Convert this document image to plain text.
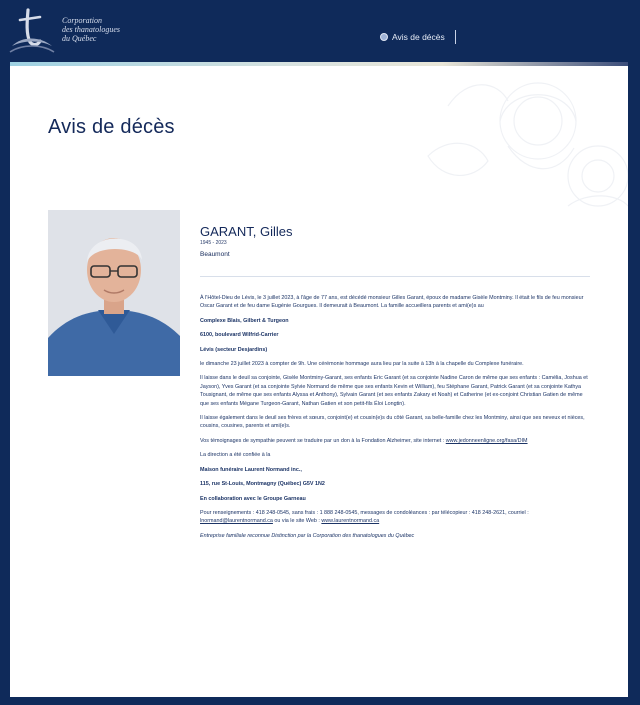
Corporation
des thanatologues
du Québec	Avis de décès
Avis de décès
GARANT, Gilles
1945 - 2023
Beaumont

À l'Hôtel-Dieu de Lévis, le 3 juillet 2023, à l'âge de 77 ans, est décédé monsieur Gilles Garant, époux de madame Gisèle Montminy. Il était le fils de feu monsieur Oscar Garant et de feu dame Eugénie Gourgues. Il demeurait à Beaumont. La famille accueillera parents et ami(e)s au

Complexe Blais, Gilbert & Turgeon

6100, boulevard Wilfrid-Carrier

Lévis (secteur Desjardins)

le dimanche 23 juillet 2023 à compter de 9h. Une cérémonie hommage aura lieu par la suite à 13h à la chapelle du Complexe funéraire.

Il laisse dans le deuil sa conjointe, Gisèle Montminy-Garant, ses enfants Eric Garant (et sa conjointe Nadine Caron de même que ses enfants : Camélia, Joshua et Jayson), Yves Garant (et sa conjointe Sylvie Normand de même que ses enfants Kevin et William), feu Stéphane Garant, Patrick Garant (et sa conjointe Kathya Tousignant, de même que ses enfants Alyssa et Anthony), Sylvain Garant (et ses enfants Zakary et Noah) et Catherine (et ex-conjoint Christian Gatien de même que ses enfants Mégane Turgeon-Garant, Nathan Gatien et son petit-fils Éloi Longtin).

Il laisse également dans le deuil ses frères et sœurs, conjoint(e) et cousin(e)s du côté Garant, sa belle-famille chez les Montminy, ainsi que ses neveux et nièces, cousins, cousines, parents et ami(e)s.

Vos témoignages de sympathie peuvent se traduire par un don à la Fondation Alzheimer, site internet : www.jedonneenligne.org/fasa/DIM

La direction a été confiée à la

Maison funéraire Laurent Normand inc.,

115, rue St-Louis, Montmagny (Québec) G5V 1N2

En collaboration avec le Groupe Garneau

Pour renseignements : 418 248-0545, sans frais : 1 888 248-0545, messages de condoléances : par télécopieur : 418 248-2621, courriel : lnormand@laurentnormand.ca ou via le site Web : www.laurentnormand.ca

Entreprise familiale reconnue Distinction par la Corporation des thanatologues du Québec
